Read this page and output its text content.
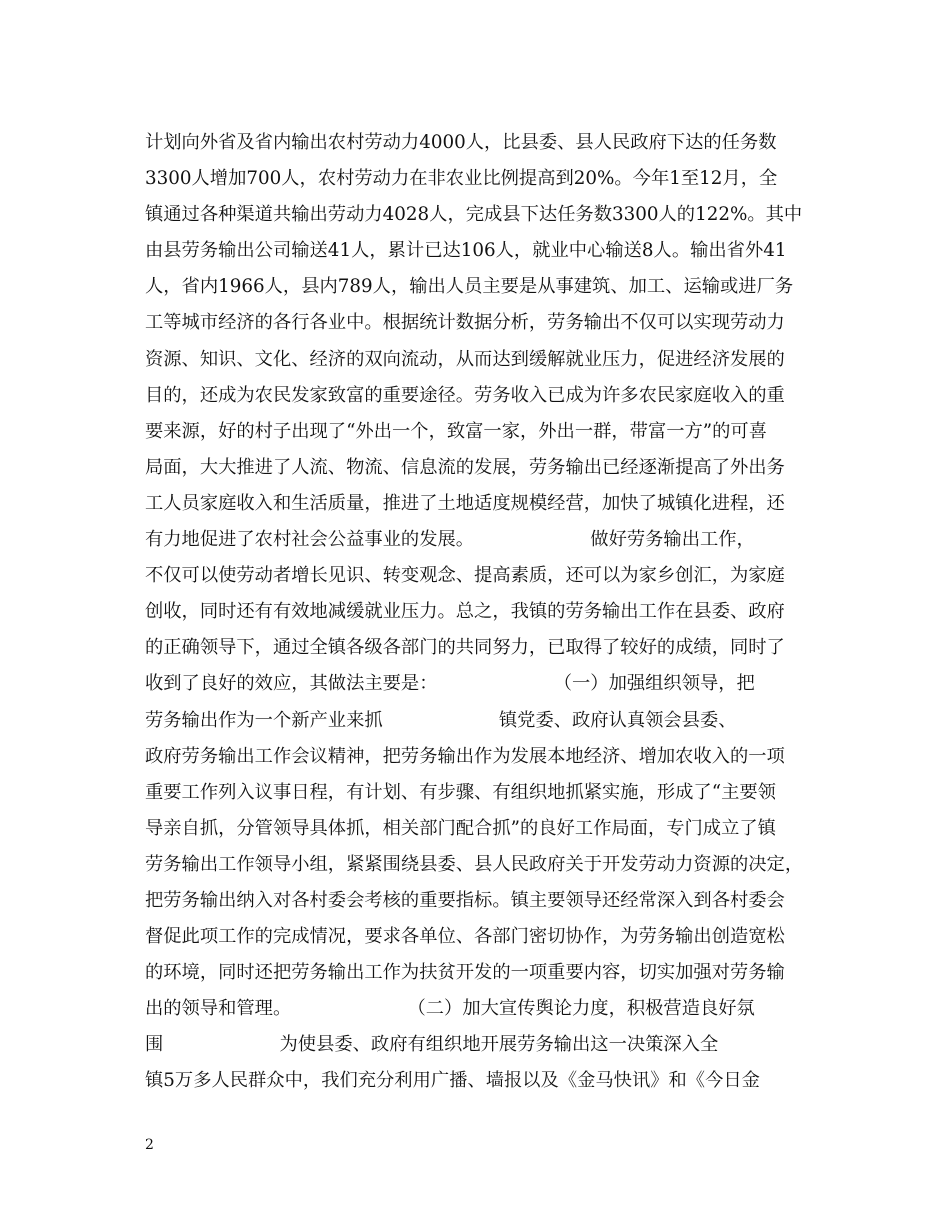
计划向外省及省内输出农村劳动力4000人，比县委、县人民政府下达的任务数
3300人增加700人，农村劳动力在非农业比例提高到20%。今年1至12月，全
镇通过各种渠道共输出劳动力4028人，完成县下达任务数3300人的122%。其中
由县劳务输出公司输送41人，累计已达106人，就业中心输送8人。输出省外41
人，省内1966人，县内789人，输出人员主要是从事建筑、加工、运输或进厂务
工等城市经济的各行各业中。根据统计数据分析，劳务输出不仅可以实现劳动力
资源、知识、文化、经济的双向流动，从而达到缓解就业压力，促进经济发展的
目的，还成为农民发家致富的重要途径。劳务收入已成为许多农民家庭收入的重
要来源，好的村子出现了“外出一个，致富一家，外出一群，带富一方”的可喜
局面，大大推进了人流、物流、信息流的发展，劳务输出已经逐渐提高了外出务
工人员家庭收入和生活质量，推进了土地适度规模经营，加快了城镇化进程，还
有力地促进了农村社会公益事业的发展。                    做好劳务输出工作，
不仅可以使劳动者增长见识、转变观念、提高素质，还可以为家乡创汇，为家庭
创收，同时还有有效地减缓就业压力。总之，我镇的劳务输出工作在县委、政府
的正确领导下，通过全镇各级各部门的共同努力，已取得了较好的成绩，同时了
收到了良好的效应，其做法主要是：                    （一）加强组织领导，把
劳务输出作为一个新产业来抓                    镇党委、政府认真领会县委、
政府劳务输出工作会议精神，把劳务输出作为发展本地经济、增加农收入的一项
重要工作列入议事日程，有计划、有步骤、有组织地抓紧实施，形成了“主要领
导亲自抓，分管领导具体抓，相关部门配合抓”的良好工作局面，专门成立了镇
劳务输出工作领导小组，紧紧围绕县委、县人民政府关于开发劳动力资源的决定，
把劳务输出纳入对各村委会考核的重要指标。镇主要领导还经常深入到各村委会
督促此项工作的完成情况，要求各单位、各部门密切协作，为劳务输出创造宽松
的环境，同时还把劳务输出工作为扶贫开发的一项重要内容，切实加强对劳务输
出的领导和管理。                    （二）加大宣传舆论力度，积极营造良好氛
围                    为使县委、政府有组织地开展劳务输出这一决策深入全
镇5万多人民群众中，我们充分利用广播、墙报以及《金马快讯》和《今日金
2
